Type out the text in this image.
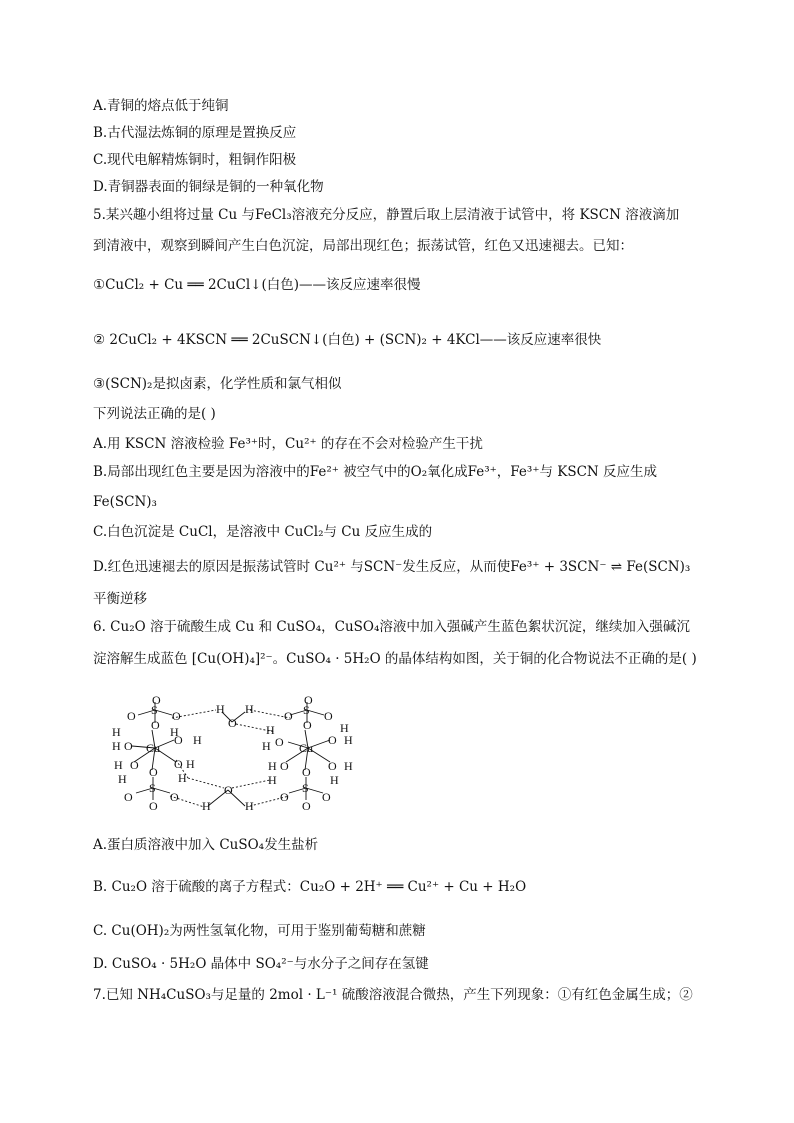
A.青铜的熔点低于纯铜
B.古代湿法炼铜的原理是置换反应
C.现代电解精炼铜时，粗铜作阳极
D.青铜器表面的铜绿是铜的一种氧化物
5.某兴趣小组将过量 Cu 与FeCl₃溶液充分反应，静置后取上层清液于试管中，将 KSCN 溶液滴加
到清液中，观察到瞬间产生白色沉淀，局部出现红色；振荡试管，红色又迅速褪去。已知：
①CuCl₂ + Cu ══ 2CuCl↓(白色)——该反应速率很慢
② 2CuCl₂ + 4KSCN ══ 2CuSCN↓(白色) + (SCN)₂ + 4KCl——该反应速率很快
③(SCN)₂是拟卤素，化学性质和氯气相似
下列说法正确的是( )
A.用 KSCN 溶液检验 Fe³⁺时，Cu²⁺ 的存在不会对检验产生干扰
B.局部出现红色主要是因为溶液中的Fe²⁺ 被空气中的O₂氧化成Fe³⁺，Fe³⁺与 KSCN 反应生成
Fe(SCN)₃
C.白色沉淀是 CuCl，是溶液中 CuCl₂与 Cu 反应生成的
D.红色迅速褪去的原因是振荡试管时 Cu²⁺ 与SCN⁻发生反应，从而使Fe³⁺ + 3SCN⁻ ⇌ Fe(SCN)₃
平衡逆移
6. Cu₂O 溶于硫酸生成 Cu 和 CuSO₄，CuSO₄溶液中加入强碱产生蓝色絮状沉淀，继续加入强碱沉
淀溶解生成蓝色 [Cu(OH)₄]²⁻。CuSO₄ · 5H₂O 的晶体结构如图，关于铜的化合物说法不正确的是( )
O
O S O
O
H
O
H
H O
H
Cu
O H
H
H O
H
O H
H
O
S
O	O
O	H
O
H
H
O
O S O
O
H
H O Cu
O H
H
H O	O H
H
O
S
O	O
O
A.蛋白质溶液中加入 CuSO₄发生盐析
B. Cu₂O 溶于硫酸的离子方程式：Cu₂O + 2H⁺ ══ Cu²⁺ + Cu + H₂O
C. Cu(OH)₂为两性氢氧化物，可用于鉴别葡萄糖和蔗糖
D. CuSO₄ · 5H₂O 晶体中 SO₄²⁻与水分子之间存在氢键
7.已知 NH₄CuSO₃与足量的 2mol · L⁻¹ 硫酸溶液混合微热，产生下列现象：①有红色金属生成；②
